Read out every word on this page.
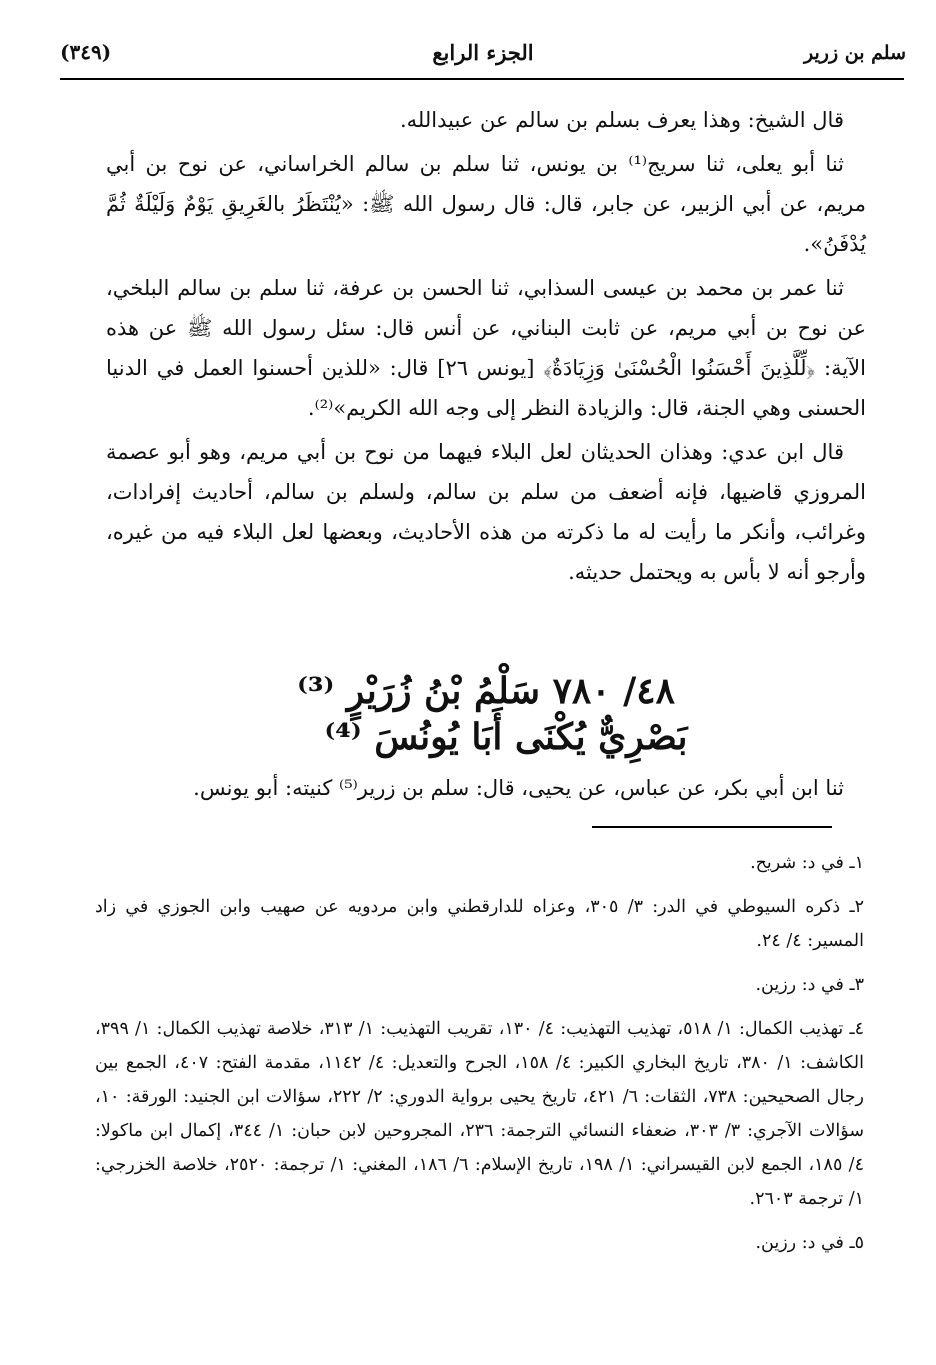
سلم بن زرير
الجزء الرابع
(٣٤٩)

قال الشيخ: وهذا يعرف بسلم بن سالم عن عبيدالله.

ثنا أبو يعلى، ثنا سريج⁽¹⁾ بن يونس، ثنا سلم بن سالم الخراساني، عن نوح بن أبي مريم، عن أبي الزبير، عن جابر، قال: قال رسول الله ﷺ: «يُنْتَظَرُ بالغَرِيقِ يَوْمٌ وَلَيْلَةٌ ثُمَّ يُدْفَنُ».

ثنا عمر بن محمد بن عيسى السذابي، ثنا الحسن بن عرفة، ثنا سلم بن سالم البلخي، عن نوح بن أبي مريم، عن ثابت البناني، عن أنس قال: سئل رسول الله ﷺ عن هذه الآية: ﴿لِّلَّذِينَ أَحْسَنُوا الْحُسْنَىٰ وَزِيَادَةٌ﴾ [يونس ٢٦] قال: «للذين أحسنوا العمل في الدنيا الحسنى وهي الجنة، قال: والزيادة النظر إلى وجه الله الكريم»⁽²⁾.

قال ابن عدي: وهذان الحديثان لعل البلاء فيهما من نوح بن أبي مريم، وهو أبو عصمة المروزي قاضيها، فإنه أضعف من سلم بن سالم، ولسلم بن سالم، أحاديث إفرادات، وغرائب، وأنكر ما رأيت له ما ذكرته من هذه الأحاديث، وبعضها لعل البلاء فيه من غيره، وأرجو أنه لا بأس به ويحتمل حديثه.

٤٨/ ٧٨٠ سَلْمُ بْنُ زُرَيْرٍ ⁽³⁾
بَصْرِيٌّ يُكْنَى أَبَا يُونُسَ ⁽⁴⁾

ثنا ابن أبي بكر، عن عباس، عن يحيى، قال: سلم بن زرير⁽⁵⁾ كنيته: أبو يونس.

١ـ في د: شريح.

٢ـ ذكره السيوطي في الدر: ٣/ ٣٠٥، وعزاه للدارقطني وابن مردويه عن صهيب وابن الجوزي في زاد المسير: ٤/ ٢٤.

٣ـ في د: رزين.

٤ـ تهذيب الكمال: ١/ ٥١٨، تهذيب التهذيب: ٤/ ١٣٠، تقريب التهذيب: ١/ ٣١٣، خلاصة تهذيب الكمال: ١/ ٣٩٩، الكاشف: ١/ ٣٨٠، تاريخ البخاري الكبير: ٤/ ١٥٨، الجرح والتعديل: ٤/ ١١٤٢، مقدمة الفتح: ٤٠٧، الجمع بين رجال الصحيحين: ٧٣٨، الثقات: ٦/ ٤٢١، تاريخ يحيى برواية الدوري: ٢/ ٢٢٢، سؤالات ابن الجنيد: الورقة: ١٠، سؤالات الآجري: ٣/ ٣٠٣، ضعفاء النسائي الترجمة: ٢٣٦، المجروحين لابن حبان: ١/ ٣٤٤، إكمال ابن ماكولا: ٤/ ١٨٥، الجمع لابن القيسراني: ١/ ١٩٨، تاريخ الإسلام: ٦/ ١٨٦، المغني: ١/ ترجمة: ٢٥٢٠، خلاصة الخزرجي: ١/ ترجمة ٢٦٠٣.

٥ـ في د: رزين.
